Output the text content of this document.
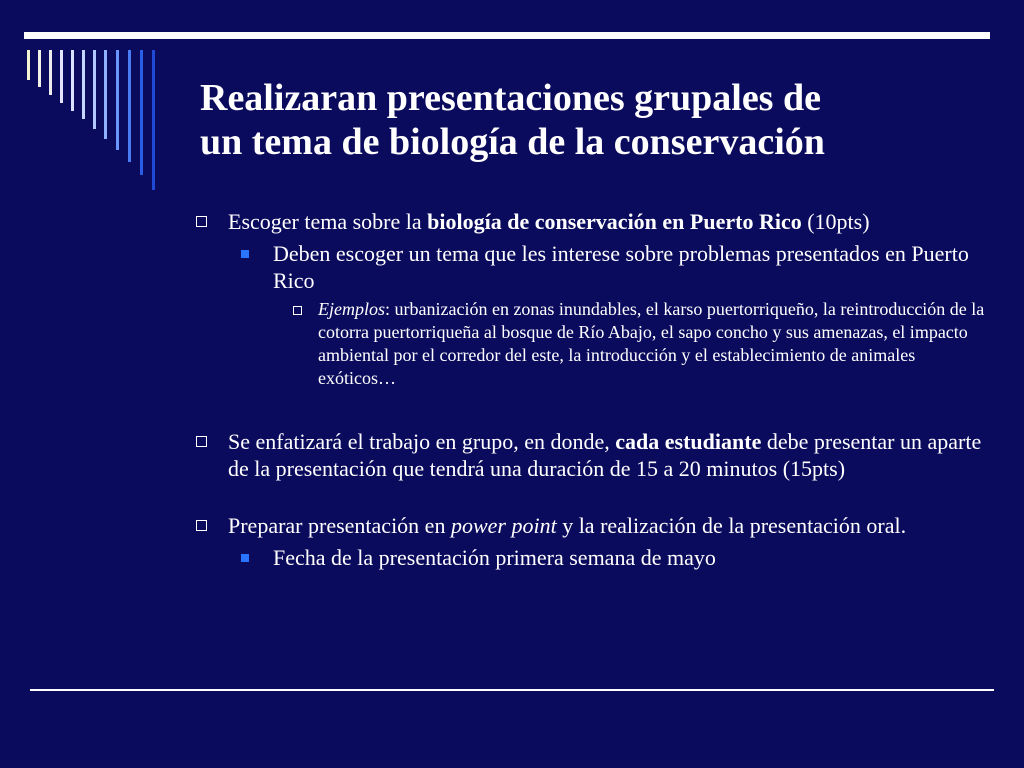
Realizaran presentaciones grupales de
un tema de biología de la conservación
Escoger tema sobre la biología de conservación en Puerto Rico (10pts)
Deben escoger un tema que les interese sobre problemas presentados en Puerto Rico
Ejemplos: urbanización en zonas inundables, el karso puertorriqueño, la reintroducción de la cotorra puertorriqueña al bosque de Río Abajo, el sapo concho y sus amenazas, el impacto ambiental por el corredor del este, la introducción y el establecimiento de animales exóticos…
Se enfatizará el trabajo en grupo, en donde, cada estudiante debe presentar un aparte de la presentación que tendrá una duración de 15 a 20 minutos (15pts)
Preparar presentación en power point y la realización de la presentación oral.
Fecha de la presentación primera semana de mayo
